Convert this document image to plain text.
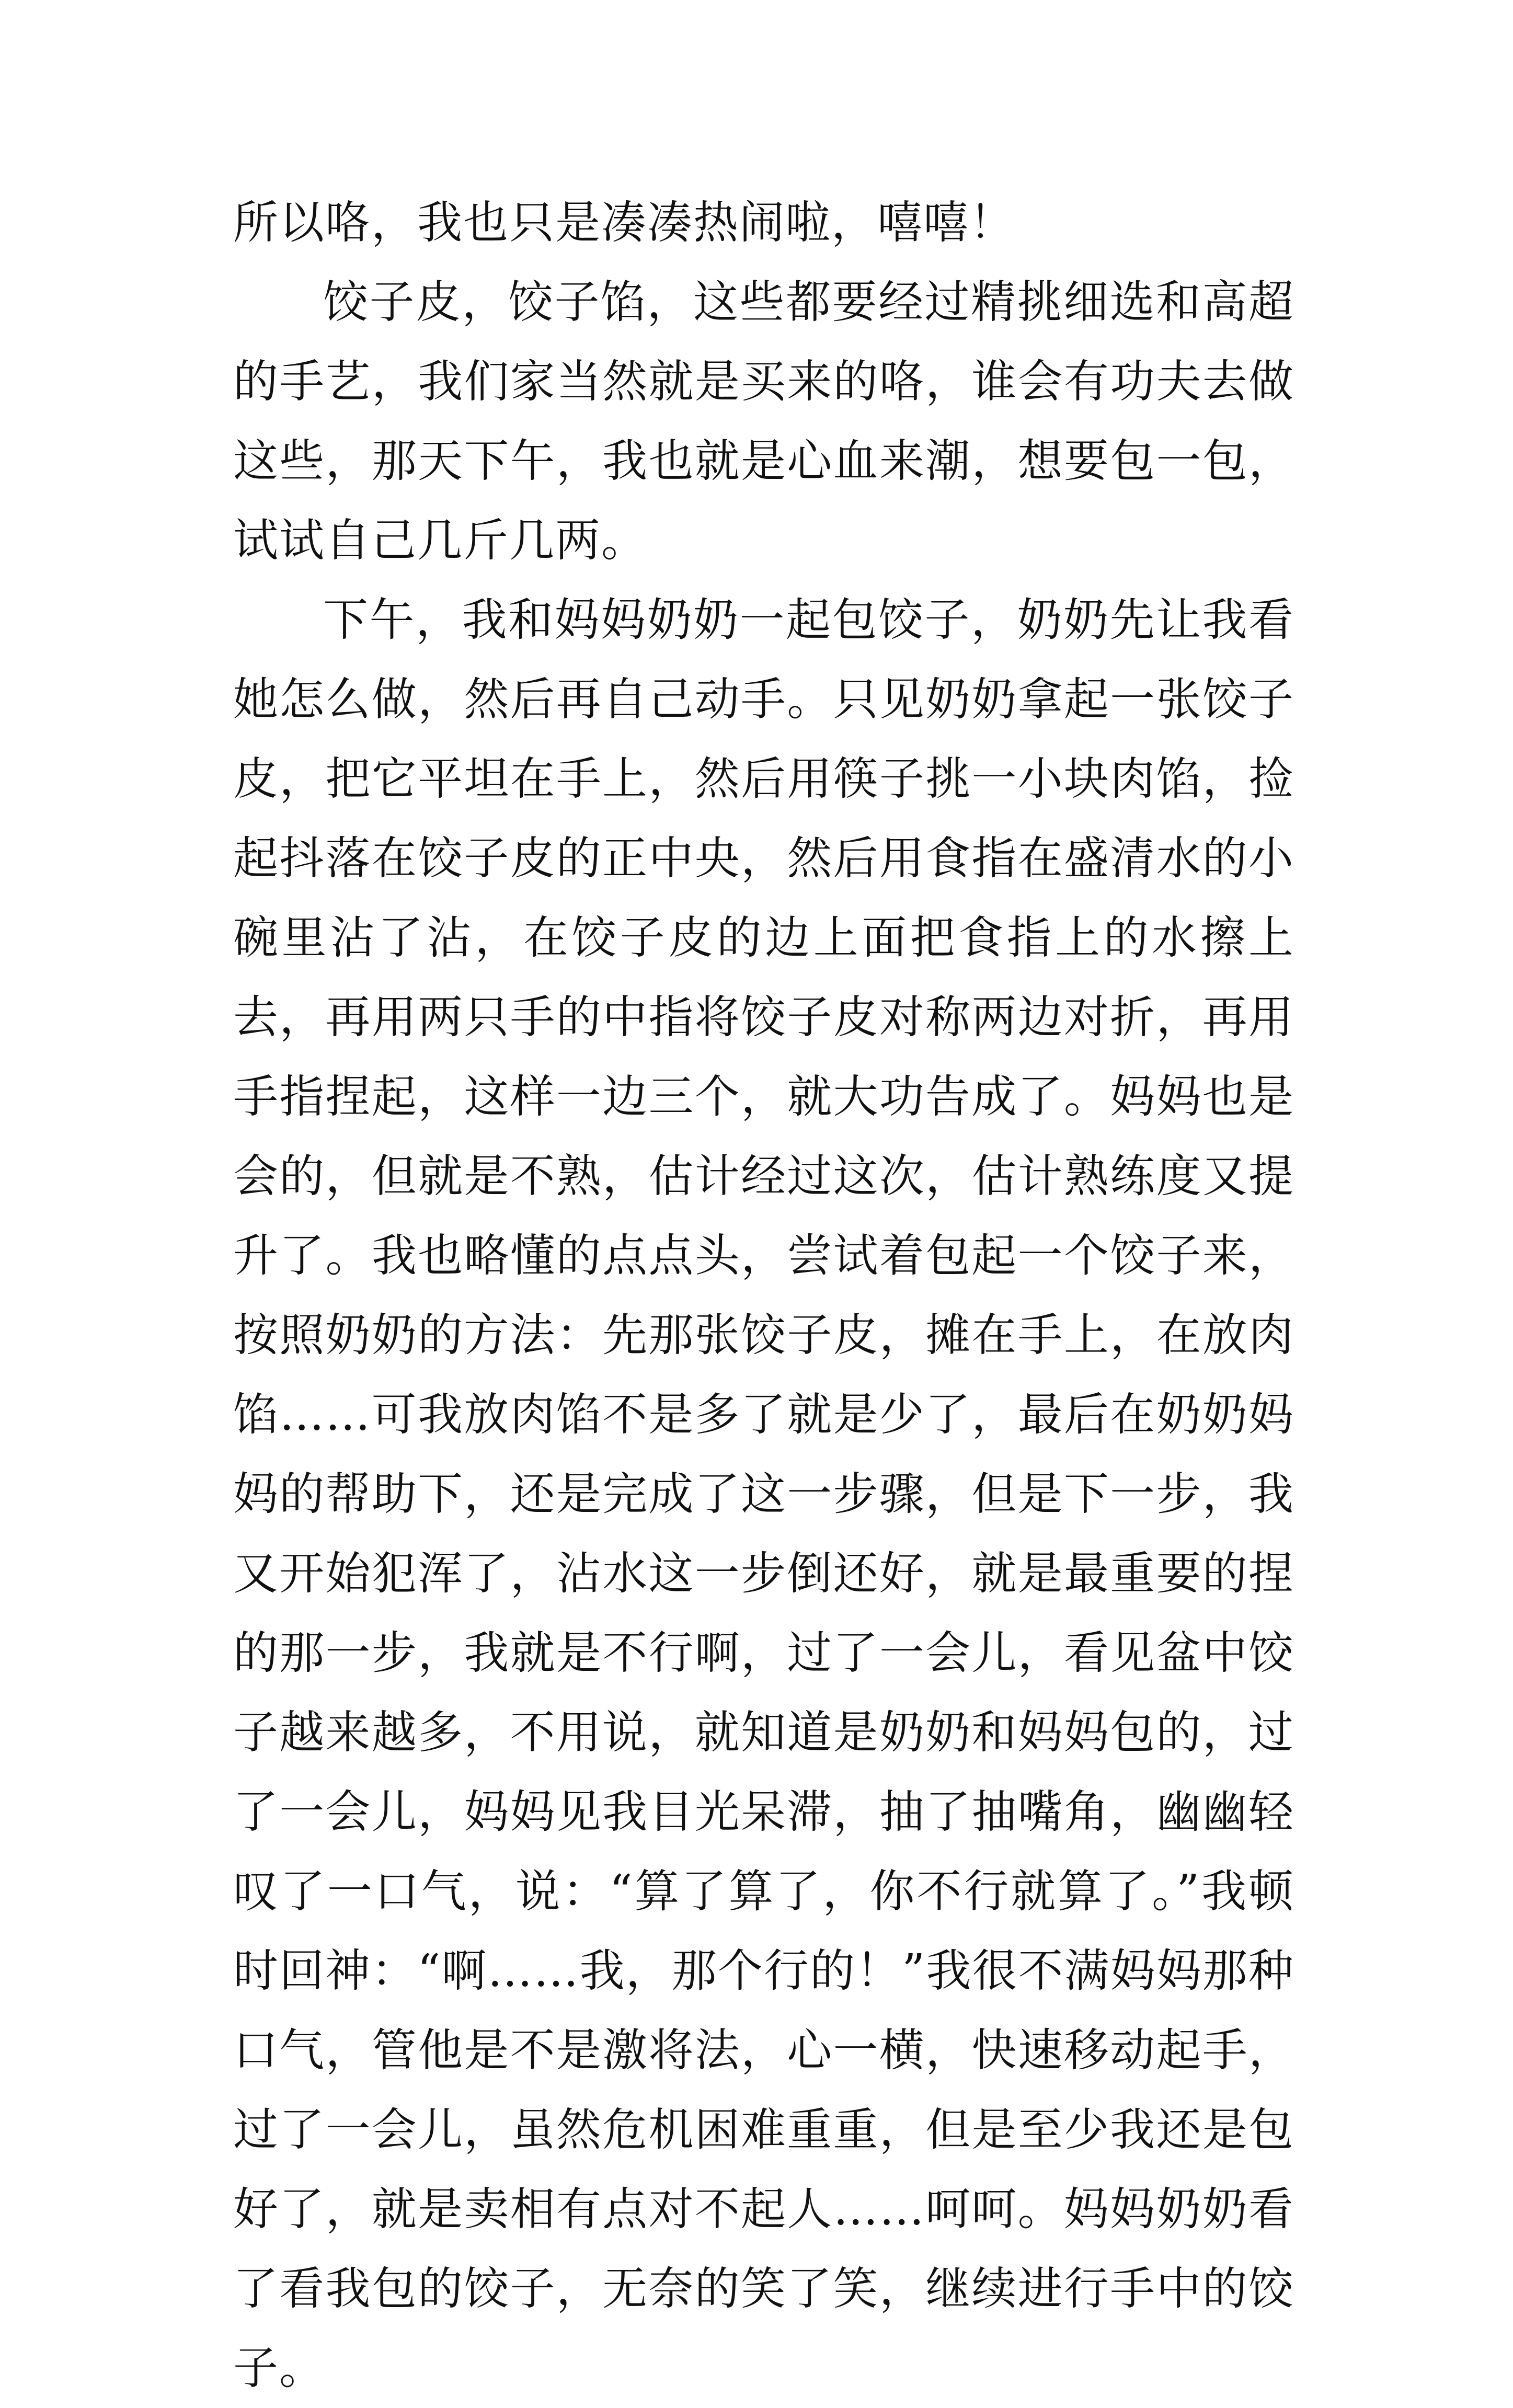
所以咯，我也只是凑凑热闹啦，嘻嘻！

饺子皮，饺子馅，这些都要经过精挑细选和高超的手艺，我们家当然就是买来的咯，谁会有功夫去做这些，那天下午，我也就是心血来潮，想要包一包，试试自己几斤几两。

下午，我和妈妈奶奶一起包饺子，奶奶先让我看她怎么做，然后再自己动手。只见奶奶拿起一张饺子皮，把它平坦在手上，然后用筷子挑一小块肉馅，捡起抖落在饺子皮的正中央，然后用食指在盛清水的小碗里沾了沾，在饺子皮的边上面把食指上的水擦上去，再用两只手的中指将饺子皮对称两边对折，再用手指捏起，这样一边三个，就大功告成了。妈妈也是会的，但就是不熟，估计经过这次，估计熟练度又提升了。我也略懂的点点头，尝试着包起一个饺子来，按照奶奶的方法：先那张饺子皮，摊在手上，在放肉馅……可我放肉馅不是多了就是少了，最后在奶奶妈妈的帮助下，还是完成了这一步骤，但是下一步，我又开始犯浑了，沾水这一步倒还好，就是最重要的捏的那一步，我就是不行啊，过了一会儿，看见盆中饺子越来越多，不用说，就知道是奶奶和妈妈包的，过了一会儿，妈妈见我目光呆滞，抽了抽嘴角，幽幽轻叹了一口气，说：“算了算了，你不行就算了。”我顿时回神：“啊……我，那个行的！”我很不满妈妈那种口气，管他是不是激将法，心一横，快速移动起手，过了一会儿，虽然危机困难重重，但是至少我还是包好了，就是卖相有点对不起人……呵呵。妈妈奶奶看了看我包的饺子，无奈的笑了笑，继续进行手中的饺子。
